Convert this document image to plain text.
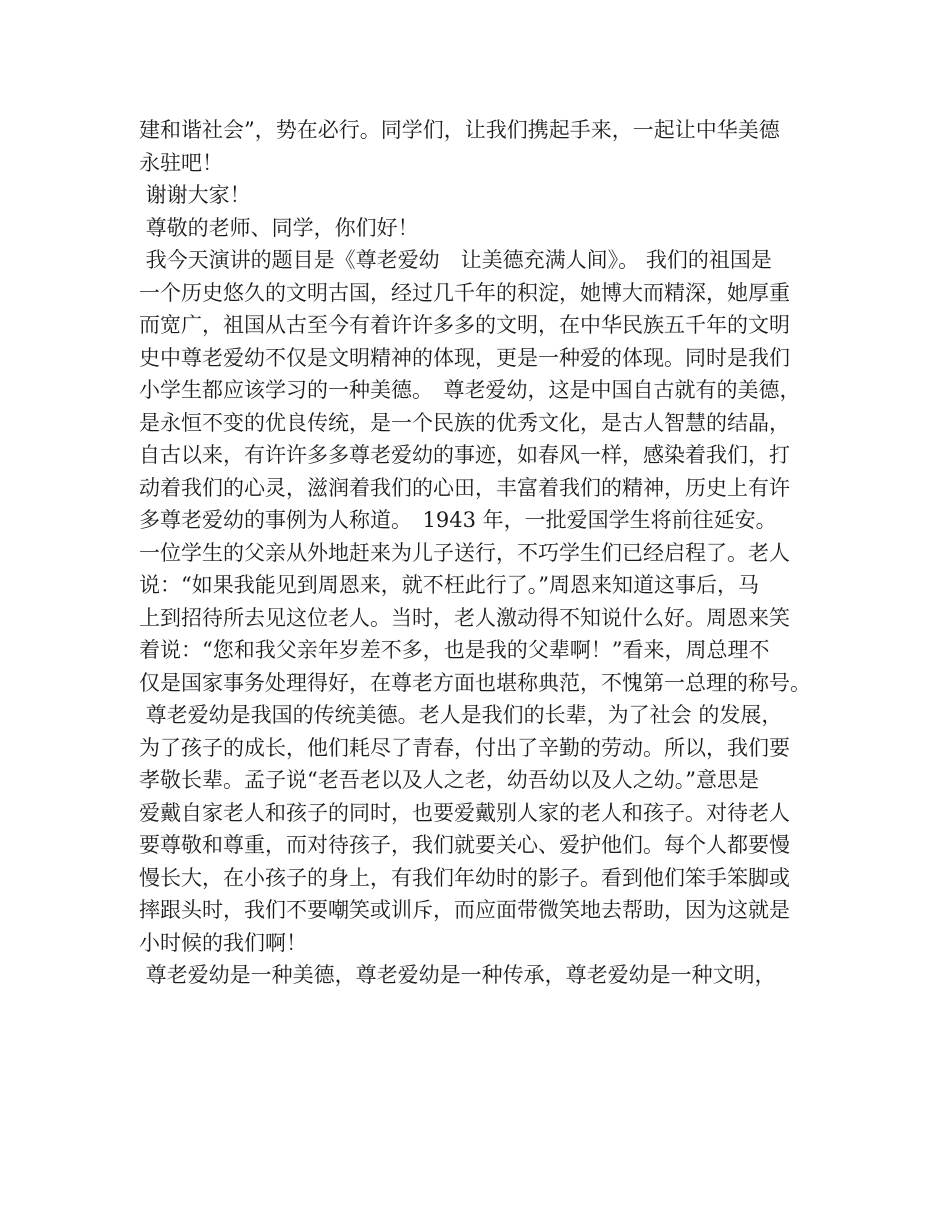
建和谐社会”，势在必行。同学们，让我们携起手来，一起让中华美德
永驻吧！
谢谢大家！
尊敬的老师、同学，你们好！
我今天演讲的题目是《尊老爱幼　让美德充满人间》。 我们的祖国是
一个历史悠久的文明古国，经过几千年的积淀，她博大而精深，她厚重
而宽广，祖国从古至今有着许许多多的文明，在中华民族五千年的文明
史中尊老爱幼不仅是文明精神的体现，更是一种爱的体现。同时是我们
小学生都应该学习的一种美德。　尊老爱幼，这是中国自古就有的美德，
是永恒不变的优良传统，是一个民族的优秀文化，是古人智慧的结晶，
自古以来，有许许多多尊老爱幼的事迹，如春风一样，感染着我们，打
动着我们的心灵，滋润着我们的心田，丰富着我们的精神，历史上有许
多尊老爱幼的事例为人称道。　1943 年，一批爱国学生将前往延安。
一位学生的父亲从外地赶来为儿子送行，不巧学生们已经启程了。老人
说：“如果我能见到周恩来，就不枉此行了。”周恩来知道这事后，马
上到招待所去见这位老人。当时，老人激动得不知说什么好。周恩来笑
着说：“您和我父亲年岁差不多，也是我的父辈啊！”看来，周总理不
仅是国家事务处理得好，在尊老方面也堪称典范，不愧第一总理的称号。
尊老爱幼是我国的传统美德。老人是我们的长辈，为了社会 的发展，
为了孩子的成长，他们耗尽了青春，付出了辛勤的劳动。所以，我们要
孝敬长辈。孟子说“老吾老以及人之老，幼吾幼以及人之幼。”意思是
爱戴自家老人和孩子的同时，也要爱戴别人家的老人和孩子。对待老人
要尊敬和尊重，而对待孩子，我们就要关心、爱护他们。每个人都要慢
慢长大，在小孩子的身上，有我们年幼时的影子。看到他们笨手笨脚或
摔跟头时，我们不要嘲笑或训斥，而应面带微笑地去帮助，因为这就是
小时候的我们啊！
尊老爱幼是一种美德，尊老爱幼是一种传承，尊老爱幼是一种文明，
